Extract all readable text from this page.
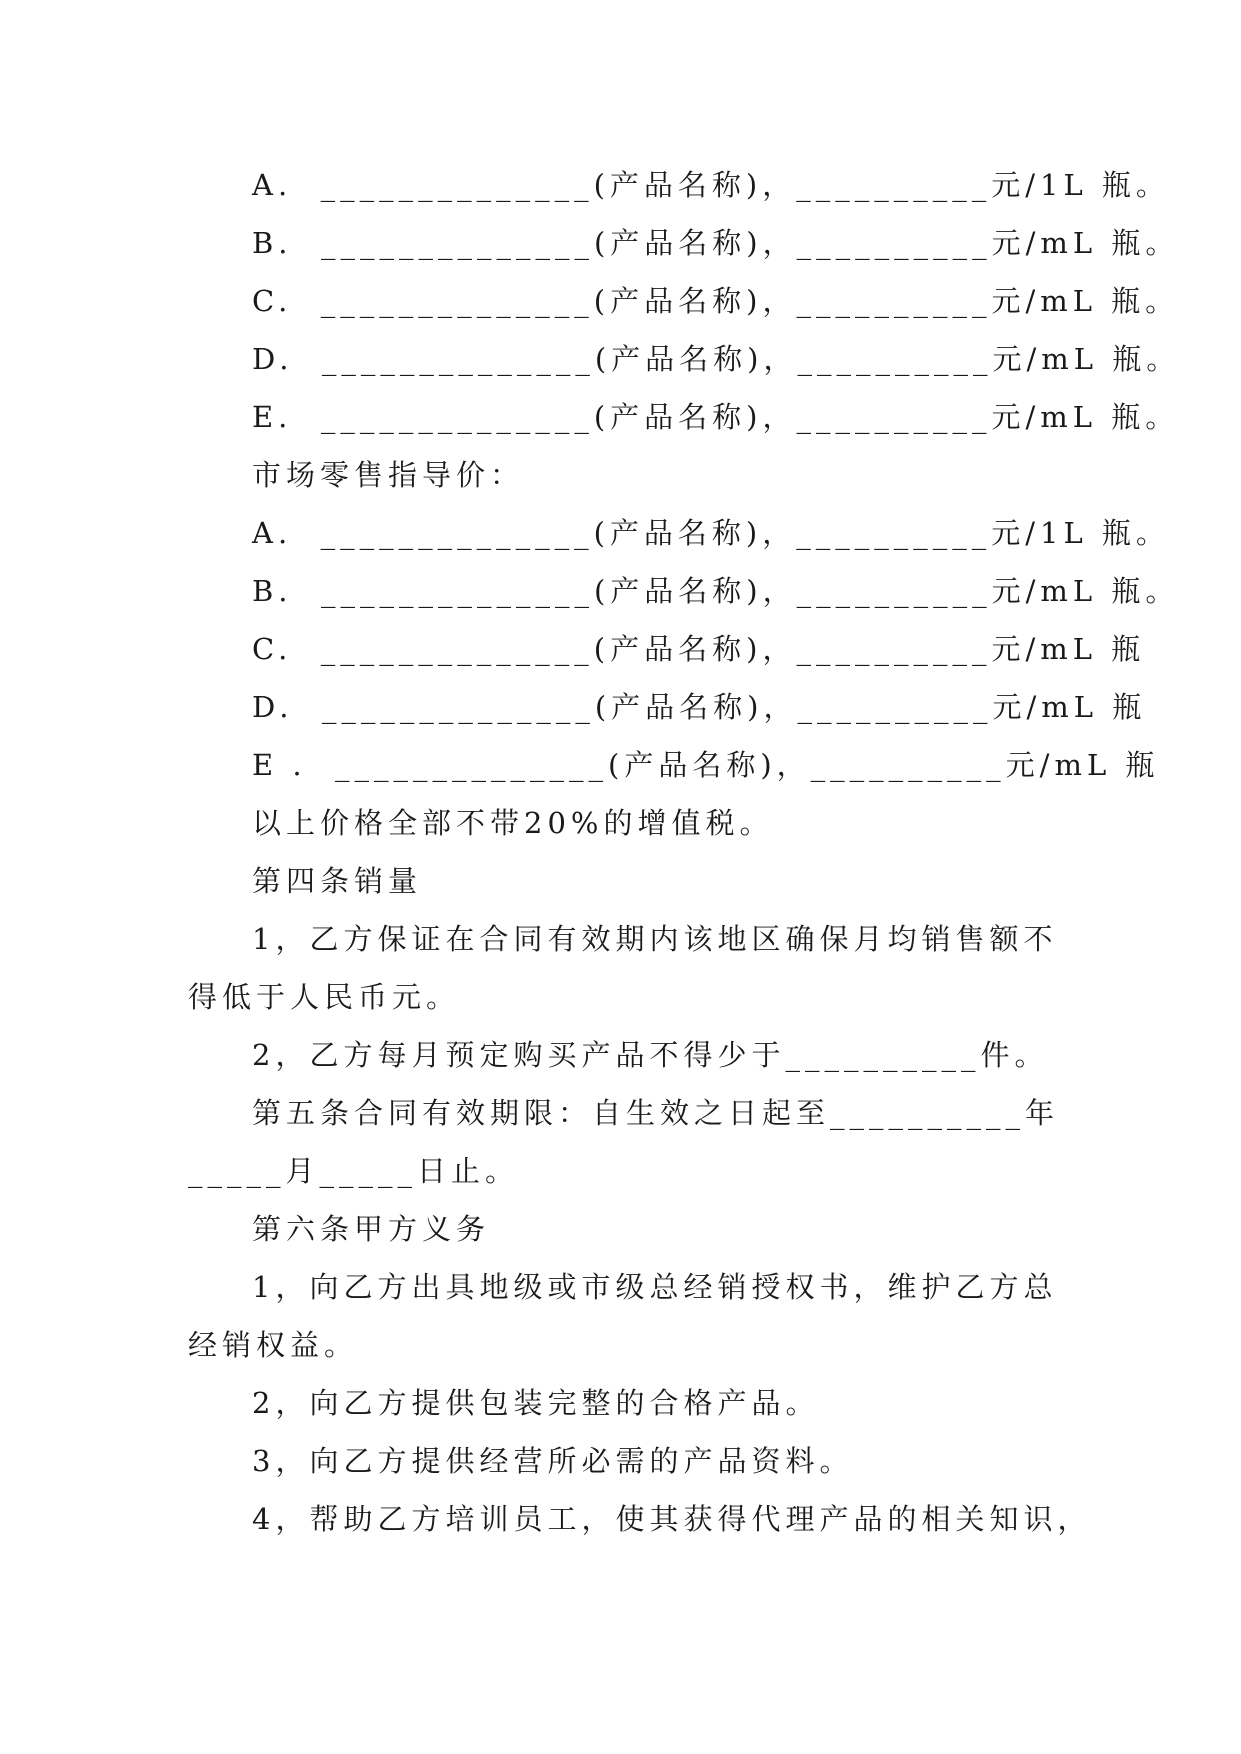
A.  ______________(产品名称)，__________元/1L 瓶。
B.  ______________(产品名称)，__________元/mL 瓶。
C.  ______________(产品名称)，__________元/mL 瓶。
D.  ______________(产品名称)，__________元/mL 瓶。
E.  ______________(产品名称)，__________元/mL 瓶。
市场零售指导价：
A.  ______________(产品名称)，__________元/1L 瓶。
B.  ______________(产品名称)，__________元/mL 瓶。
C.  ______________(产品名称)，__________元/mL 瓶
D.  ______________(产品名称)，__________元/mL 瓶
E .  ______________(产品名称)，__________元/mL 瓶
以上价格全部不带20%的增值税。
第四条销量
1，乙方保证在合同有效期内该地区确保月均销售额不
得低于人民币元。
2，乙方每月预定购买产品不得少于__________件。
第五条合同有效期限：自生效之日起至__________年
_____月_____日止。
第六条甲方义务
1，向乙方出具地级或市级总经销授权书，维护乙方总
经销权益。
2，向乙方提供包装完整的合格产品。
3，向乙方提供经营所必需的产品资料。
4，帮助乙方培训员工，使其获得代理产品的相关知识，
